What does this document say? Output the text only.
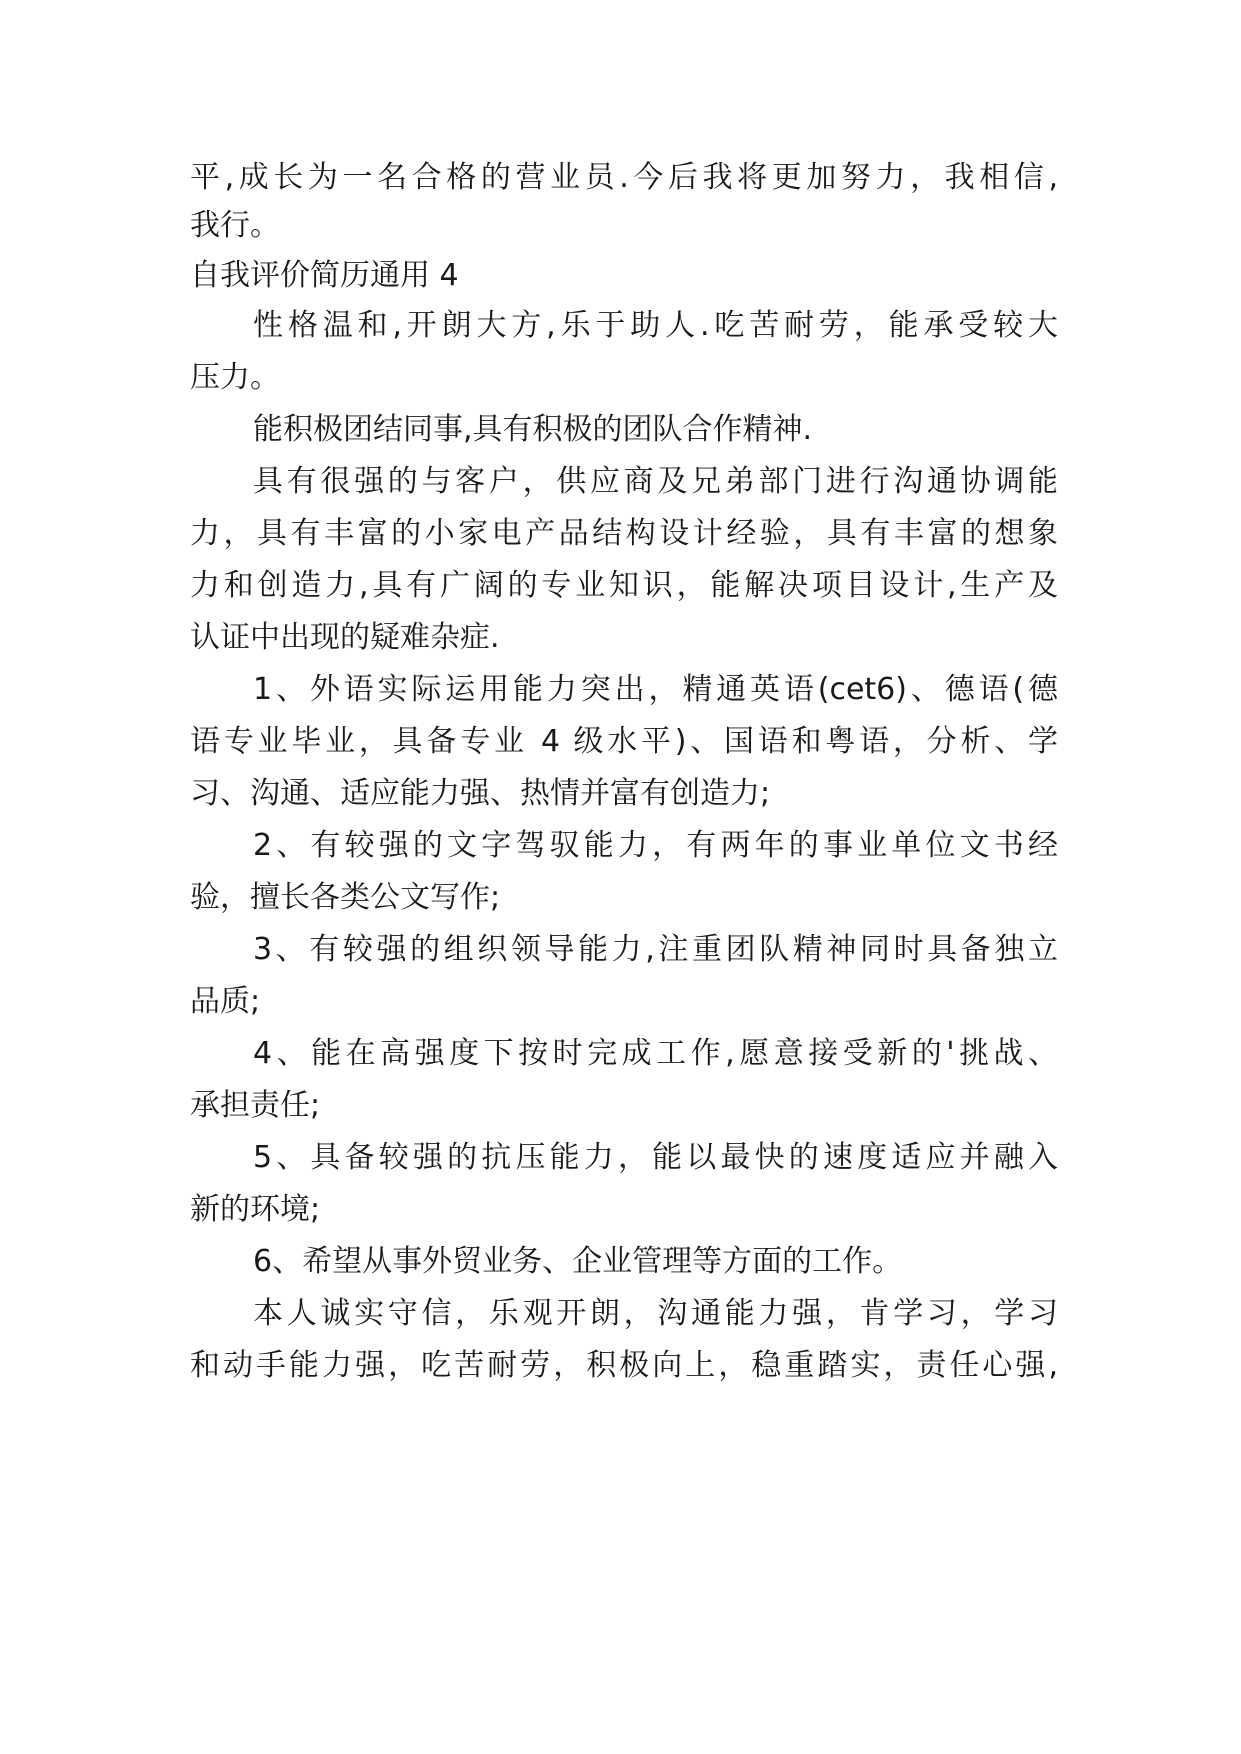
平,成长为一名合格的营业员.今后我将更加努力，我相信,
我行。
自我评价简历通用 4
性格温和,开朗大方,乐于助人.吃苦耐劳，能承受较大
压力。
能积极团结同事,具有积极的团队合作精神.
具有很强的与客户，供应商及兄弟部门进行沟通协调能
力，具有丰富的小家电产品结构设计经验，具有丰富的想象
力和创造力,具有广阔的专业知识，能解决项目设计,生产及
认证中出现的疑难杂症.
1、外语实际运用能力突出，精通英语(cet6)、德语(德
语专业毕业，具备专业 4 级水平)、国语和粤语，分析、学
习、沟通、适应能力强、热情并富有创造力;
2、有较强的文字驾驭能力，有两年的事业单位文书经
验，擅长各类公文写作;
3、有较强的组织领导能力,注重团队精神同时具备独立
品质;
4、能在高强度下按时完成工作,愿意接受新的'挑战、
承担责任;
5、具备较强的抗压能力，能以最快的速度适应并融入
新的环境;
6、希望从事外贸业务、企业管理等方面的工作。
本人诚实守信，乐观开朗，沟通能力强，肯学习，学习
和动手能力强，吃苦耐劳，积极向上，稳重踏实，责任心强,
